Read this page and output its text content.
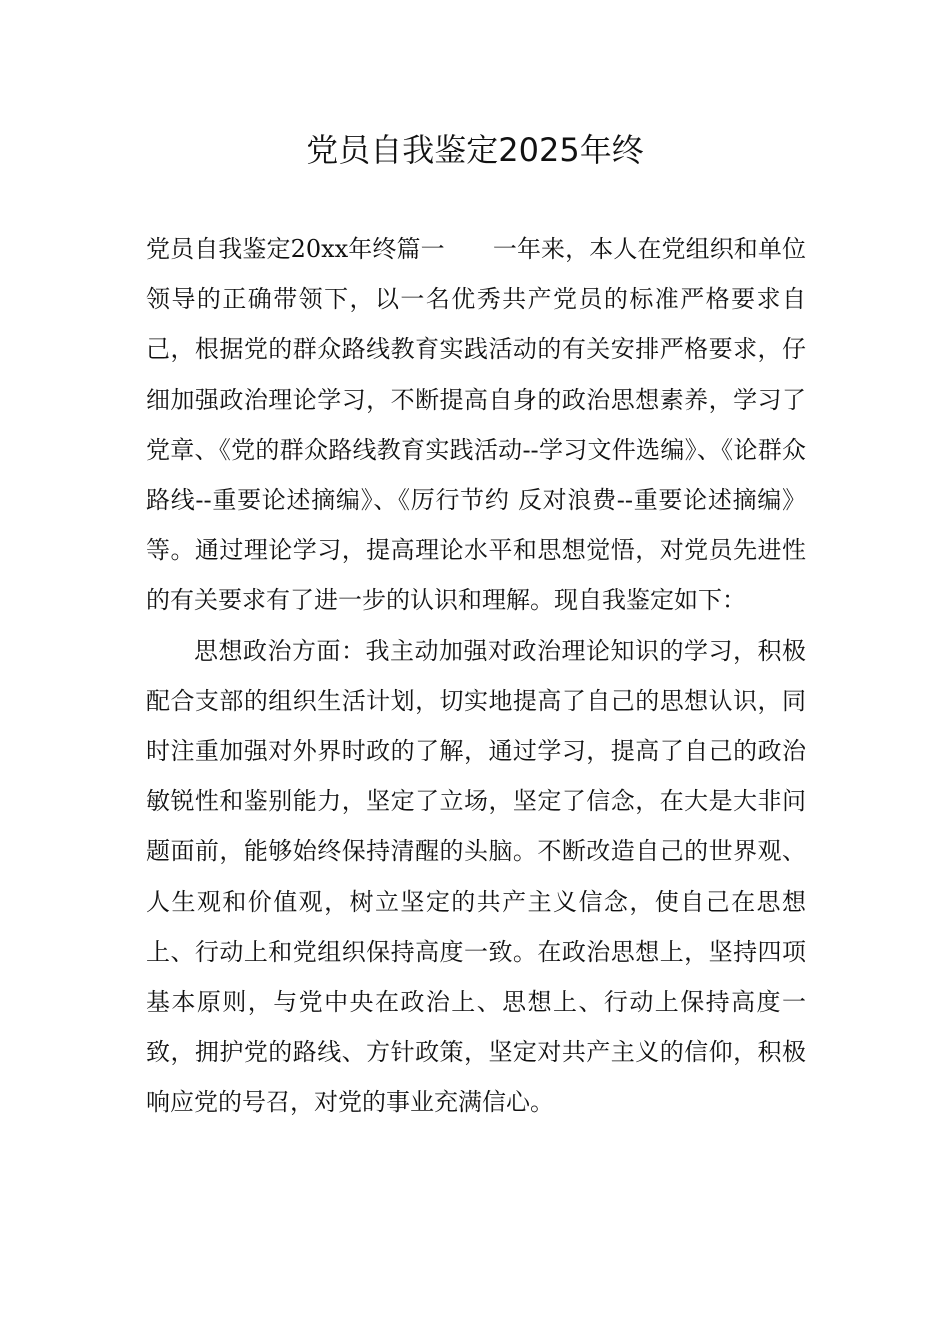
党员自我鉴定2025年终

党员自我鉴定20xx年终篇一　　一年来，本人在党组织和单位领导的正确带领下，以一名优秀共产党员的标准严格要求自己，根据党的群众路线教育实践活动的有关安排严格要求，仔细加强政治理论学习，不断提高自身的政治思想素养，学习了党章、《党的群众路线教育实践活动--学习文件选编》、《论群众路线--重要论述摘编》、《厉行节约 反对浪费--重要论述摘编》等。通过理论学习，提高理论水平和思想觉悟，对党员先进性的有关要求有了进一步的认识和理解。现自我鉴定如下：

思想政治方面：我主动加强对政治理论知识的学习，积极配合支部的组织生活计划，切实地提高了自己的思想认识，同时注重加强对外界时政的了解，通过学习，提高了自己的政治敏锐性和鉴别能力，坚定了立场，坚定了信念，在大是大非问题面前，能够始终保持清醒的头脑。不断改造自己的世界观、人生观和价值观，树立坚定的共产主义信念，使自己在思想上、行动上和党组织保持高度一致。在政治思想上，坚持四项基本原则，与党中央在政治上、思想上、行动上保持高度一致，拥护党的路线、方针政策，坚定对共产主义的信仰，积极响应党的号召，对党的事业充满信心。
